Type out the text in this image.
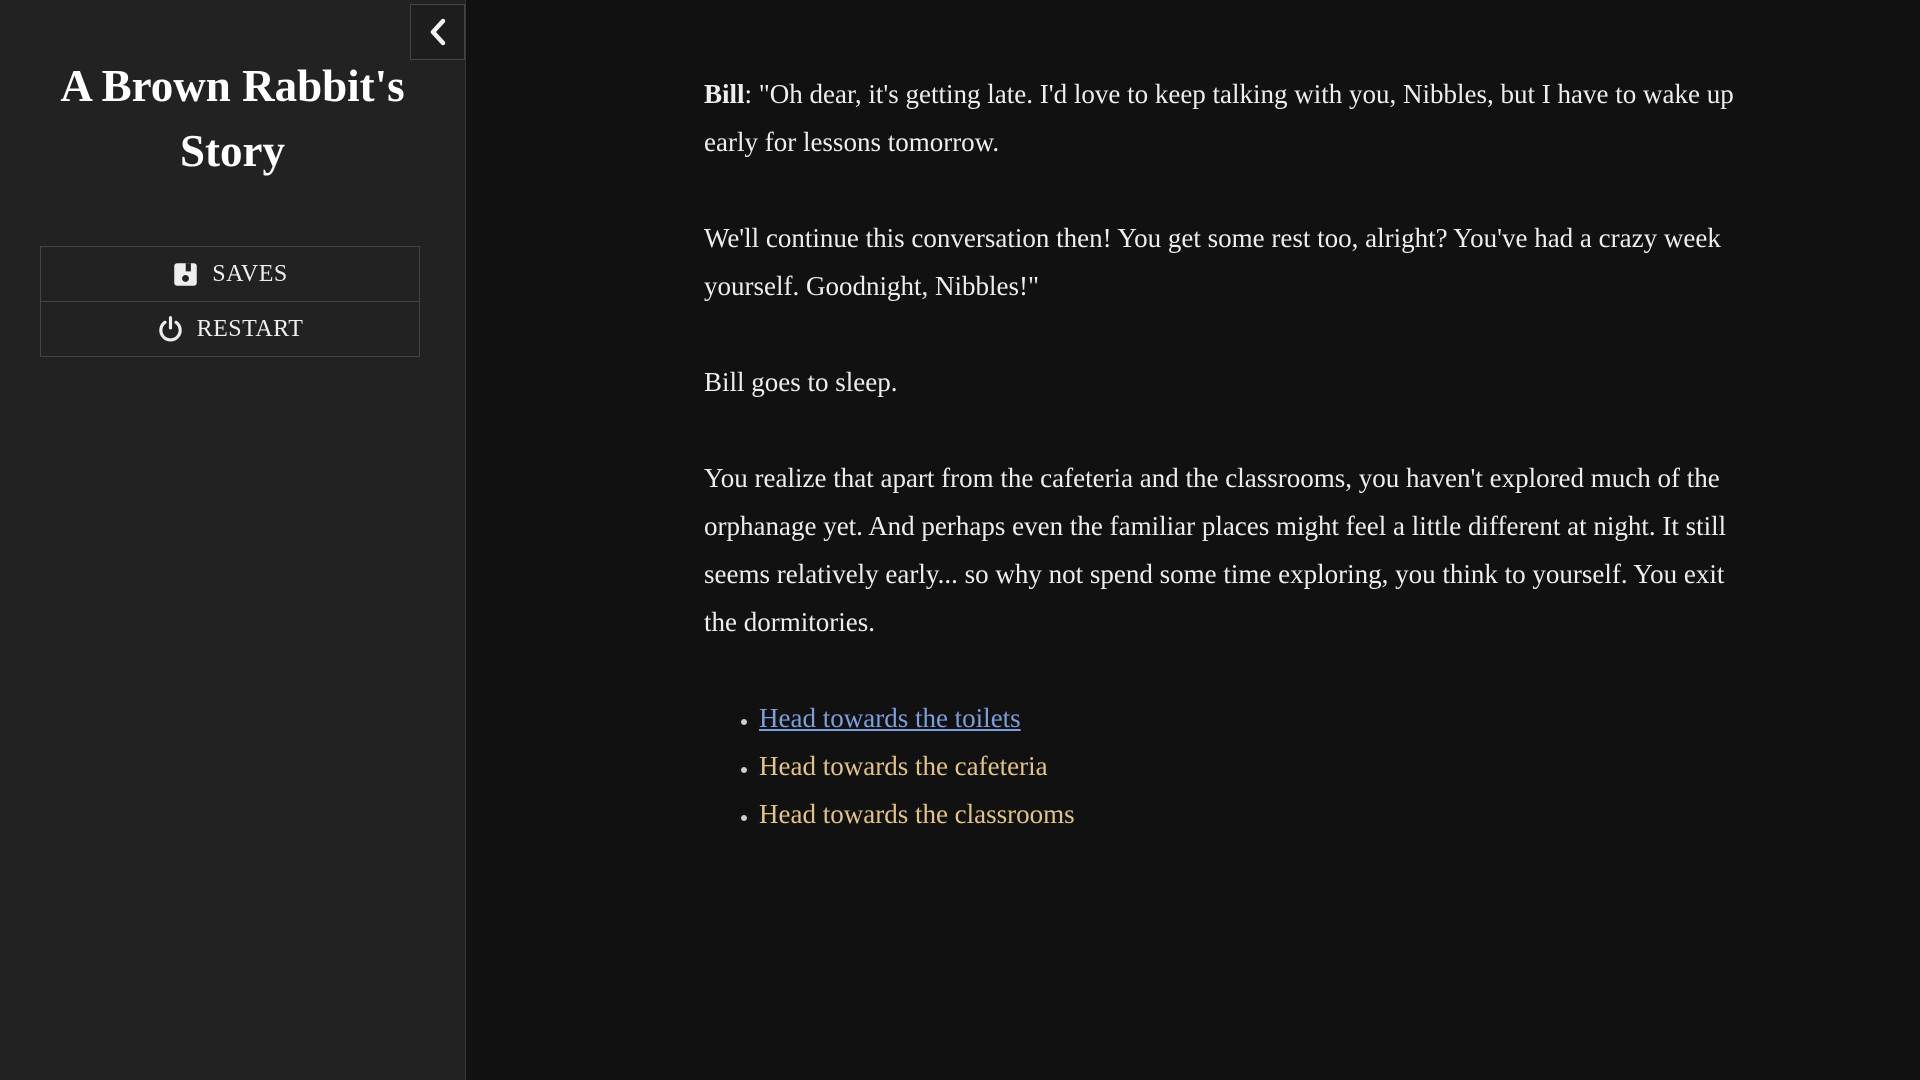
A Brown Rabbit's
Story
SAVES
RESTART

Bill: "Oh dear, it's getting late. I'd love to keep talking with you, Nibbles, but I have to wake up early for lessons tomorrow.

We'll continue this conversation then! You get some rest too, alright? You've had a crazy week yourself. Goodnight, Nibbles!"

Bill goes to sleep.

You realize that apart from the cafeteria and the classrooms, you haven't explored much of the orphanage yet. And perhaps even the familiar places might feel a little different at night. It still seems relatively early... so why not spend some time exploring, you think to yourself. You exit the dormitories.

• Head towards the toilets
• Head towards the cafeteria
• Head towards the classrooms
